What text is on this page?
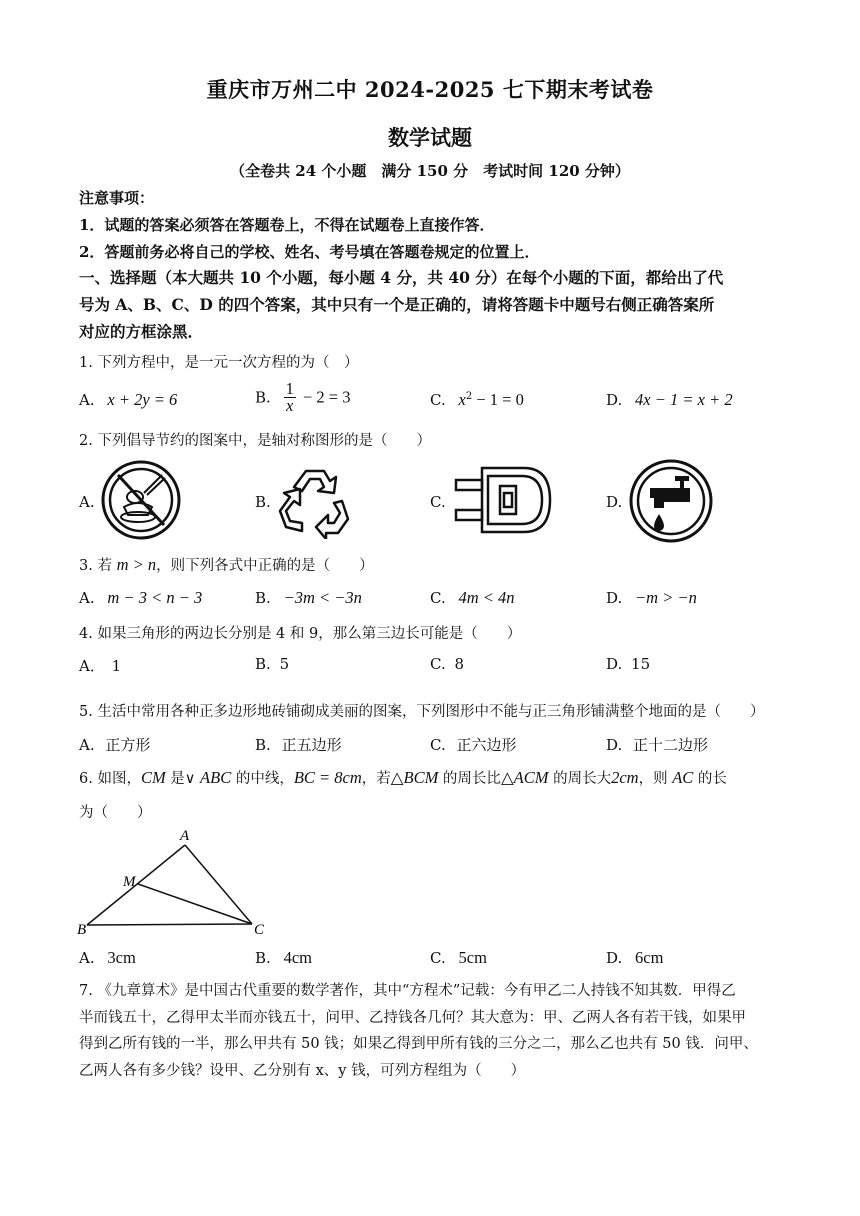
重庆市万州二中 2024-2025 七下期末考试卷
数学试题
（全卷共 24 个小题　满分 150 分　考试时间 120 分钟）
注意事项：
1．试题的答案必须答在答题卷上，不得在试题卷上直接作答．
2．答题前务必将自己的学校、姓名、考号填在答题卷规定的位置上．
一、选择题（本大题共 10 个小题，每小题 4 分，共 40 分）在每个小题的下面，都给出了代
号为 A、B、C、D 的四个答案，其中只有一个是正确的，请将答题卡中题号右侧正确答案所
对应的方框涂黑．
1. 下列方程中，是一元一次方程的为（　）
A. x + 2y = 6	B. $\frac{1}{x} - 2 = 3$	C. $x^2 - 1 = 0$	D. 4x − 1 = x + 2
2. 下列倡导节约的图案中，是轴对称图形的是（　　）
A.	B.	C.	D.
3. 若 m > n，则下列各式中正确的是（　　）
A. m − 3 < n − 3	B. −3m < −3n	C. 4m < 4n	D. −m > −n
4. 如果三角形的两边长分别是 4 和 9，那么第三边长可能是（　　）
A． 1	B. 5	C. 8	D. 15
5. 生活中常用各种正多边形地砖铺砌成美丽的图案，下列图形中不能与正三角形铺满整个地面的是（　　）
A. 正方形	B. 正五边形	C. 正六边形	D. 正十二边形
6. 如图，CM 是∨ ABC 的中线，BC = 8cm，若△BCM 的周长比△ACM 的周长大2cm，则 AC 的长
为（　　）
A
M
B	C
A. 3cm	B. 4cm	C. 5cm	D. 6cm
7. 《九章算术》是中国古代重要的数学著作，其中“方程术”记载：今有甲乙二人持钱不知其数．甲得乙
半而钱五十，乙得甲太半而亦钱五十，问甲、乙持钱各几何？其大意为：甲、乙两人各有若干钱，如果甲
得到乙所有钱的一半，那么甲共有 50 钱；如果乙得到甲所有钱的三分之二，那么乙也共有 50 钱．问甲、
乙两人各有多少钱？设甲、乙分别有 x、y 钱，可列方程组为（　　）
